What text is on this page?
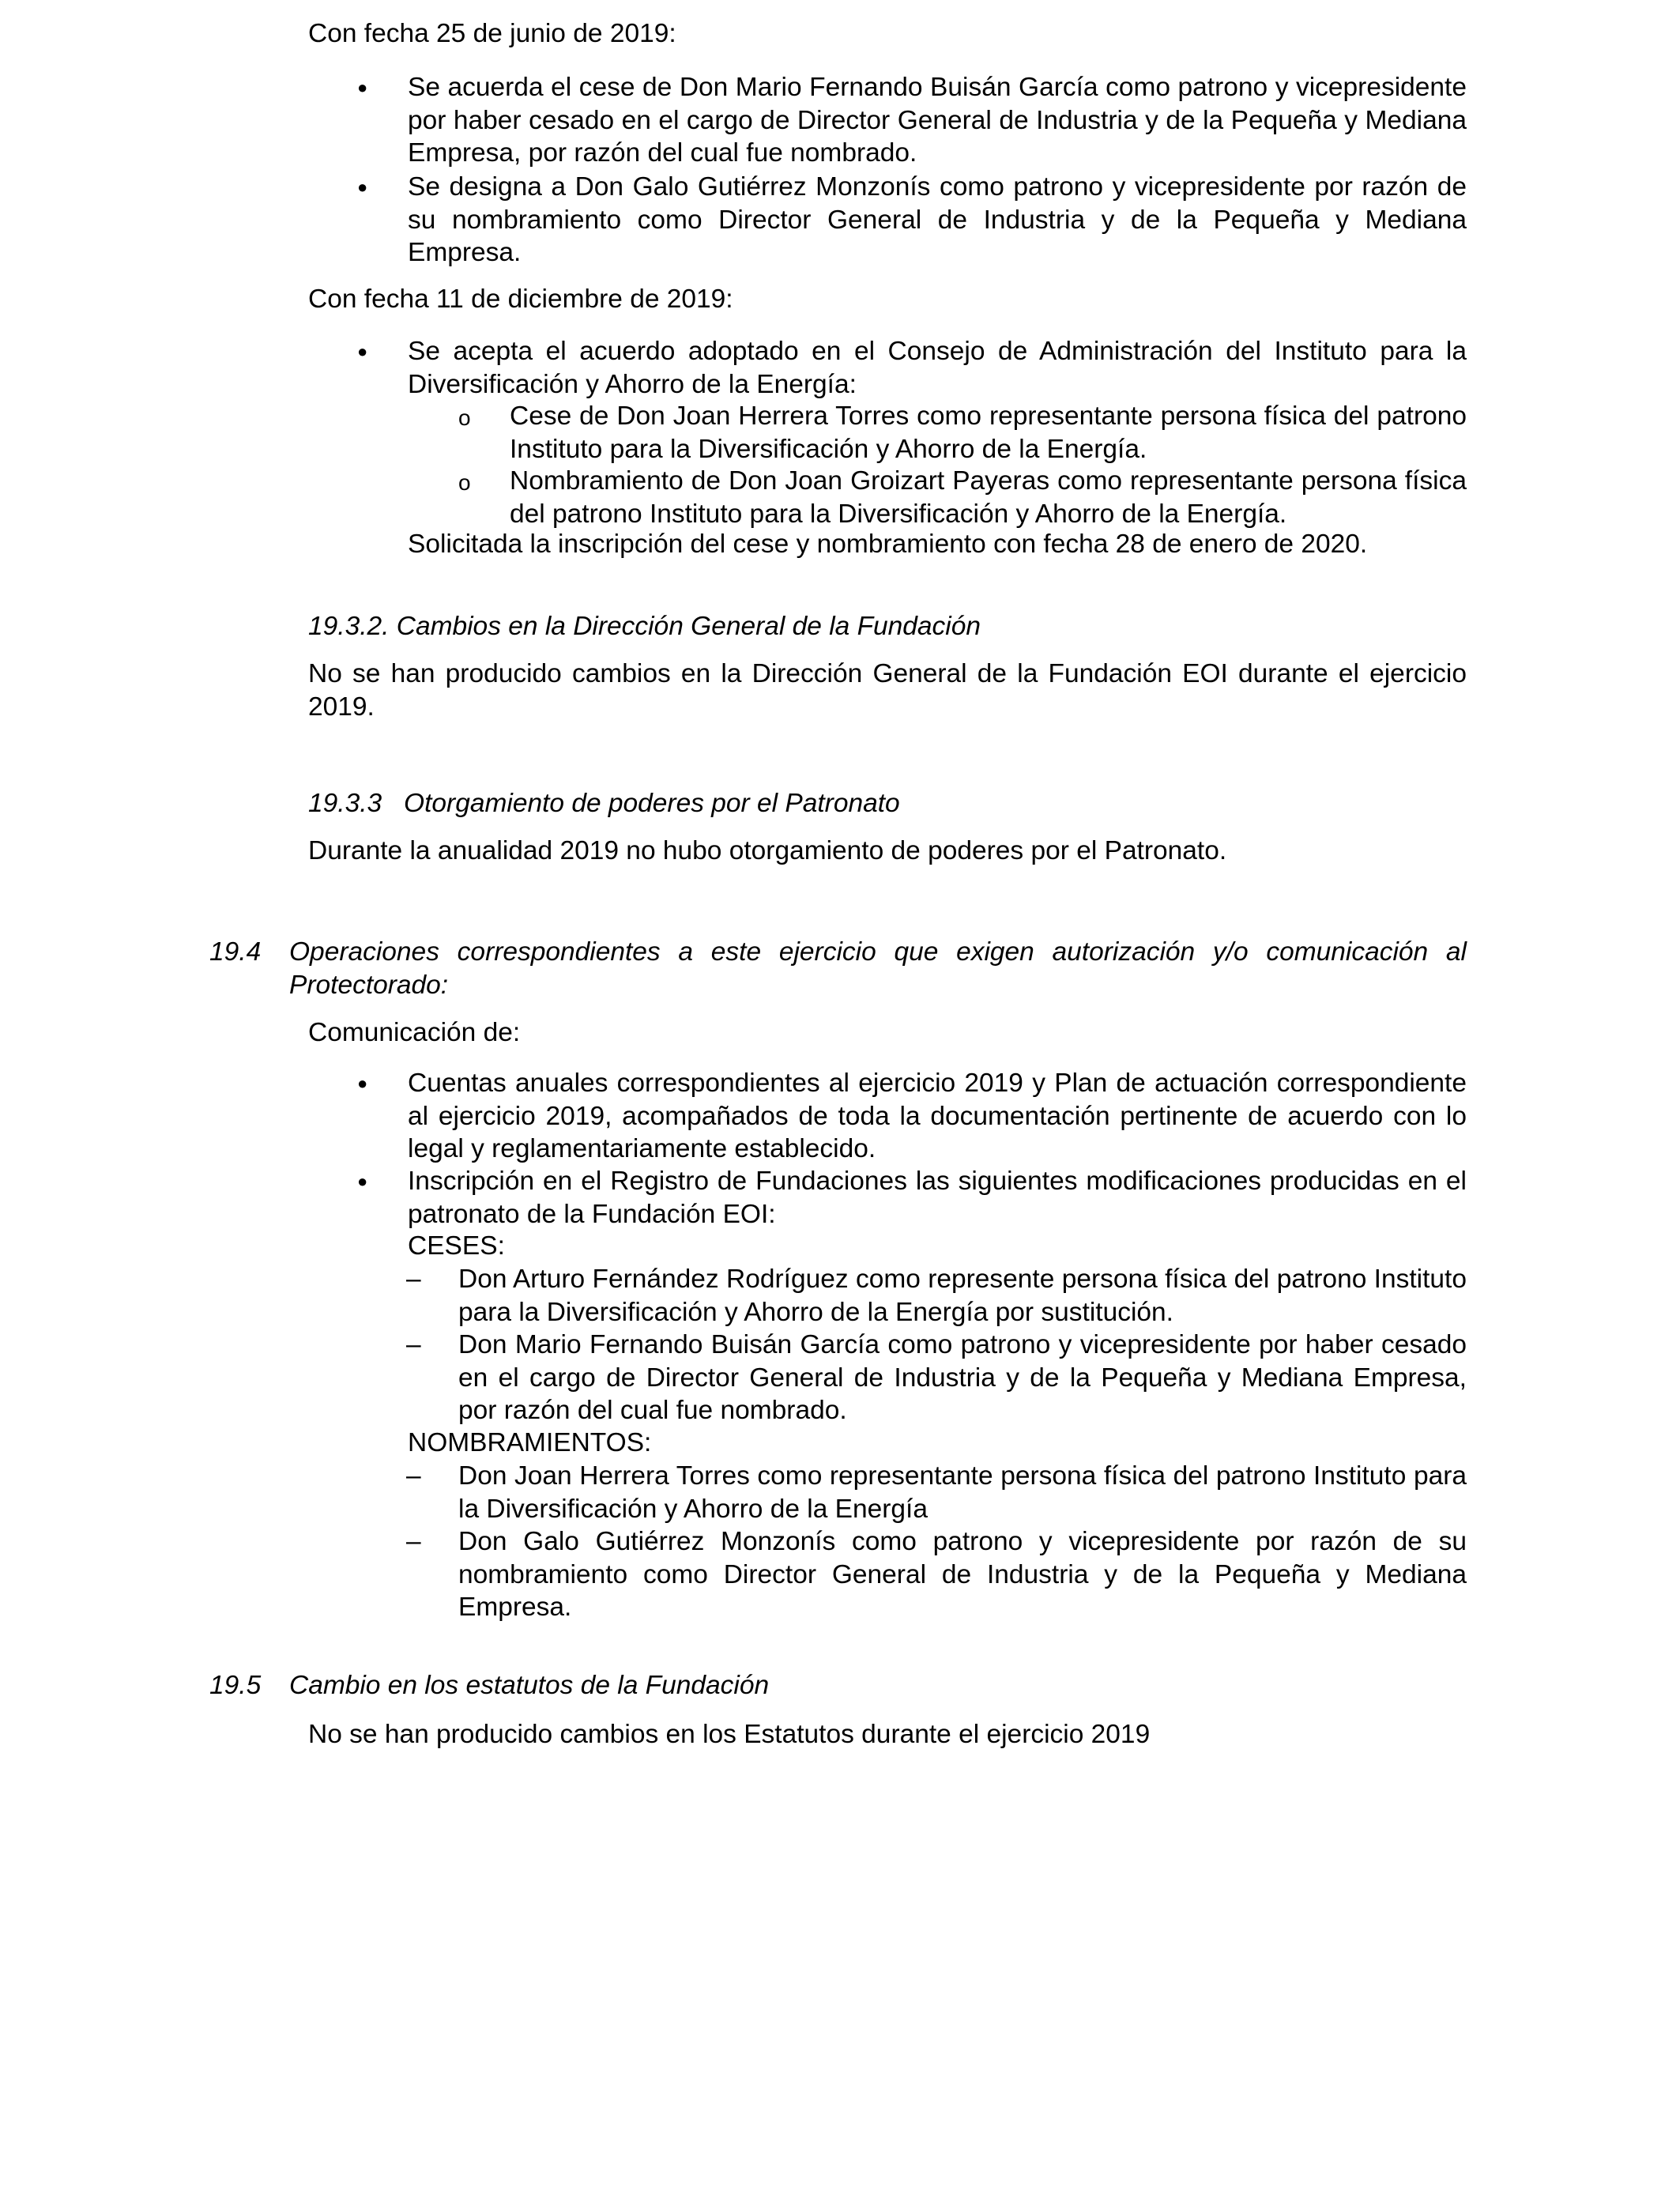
Con fecha 25 de junio de 2019:

● Se acuerda el cese de Don Mario Fernando Buisán García como patrono y vicepresidente por haber cesado en el cargo de Director General de Industria y de la Pequeña y Mediana Empresa, por razón del cual fue nombrado.

● Se designa a Don Galo Gutiérrez Monzonís como patrono y vicepresidente por razón de su nombramiento como Director General de Industria y de la Pequeña y Mediana Empresa.

Con fecha 11 de diciembre de 2019:

● Se acepta el acuerdo adoptado en el Consejo de Administración del Instituto para la Diversificación y Ahorro de la Energía:

o Cese de Don Joan Herrera Torres como representante persona física del patrono Instituto para la Diversificación y Ahorro de la Energía.

o Nombramiento de Don Joan Groizart Payeras como representante persona física del patrono Instituto para la Diversificación y Ahorro de la Energía.

Solicitada la inscripción del cese y nombramiento con fecha 28 de enero de 2020.

19.3.2. Cambios en la Dirección General de la Fundación

No se han producido cambios en la Dirección General de la Fundación EOI durante el ejercicio 2019.

19.3.3   Otorgamiento de poderes por el Patronato

Durante la anualidad 2019 no hubo otorgamiento de poderes por el Patronato.

19.4 Operaciones correspondientes a este ejercicio que exigen autorización y/o comunicación al Protectorado:

Comunicación de:

● Cuentas anuales correspondientes al ejercicio 2019 y Plan de actuación correspondiente al ejercicio 2019, acompañados de toda la documentación pertinente de acuerdo con lo legal y reglamentariamente establecido.

● Inscripción en el Registro de Fundaciones las siguientes modificaciones producidas en el patronato de la Fundación EOI:

CESES:

– Don Arturo Fernández Rodríguez como represente persona física del patrono Instituto para la Diversificación y Ahorro de la Energía por sustitución.

– Don Mario Fernando Buisán García como patrono y vicepresidente por haber cesado en el cargo de Director General de Industria y de la Pequeña y Mediana Empresa, por razón del cual fue nombrado.

NOMBRAMIENTOS:

– Don Joan Herrera Torres como representante persona física del patrono Instituto para la Diversificación y Ahorro de la Energía

– Don Galo Gutiérrez Monzonís como patrono y vicepresidente por razón de su nombramiento como Director General de Industria y de la Pequeña y Mediana Empresa.

19.5 Cambio en los estatutos de la Fundación

No se han producido cambios en los Estatutos durante el ejercicio 2019
